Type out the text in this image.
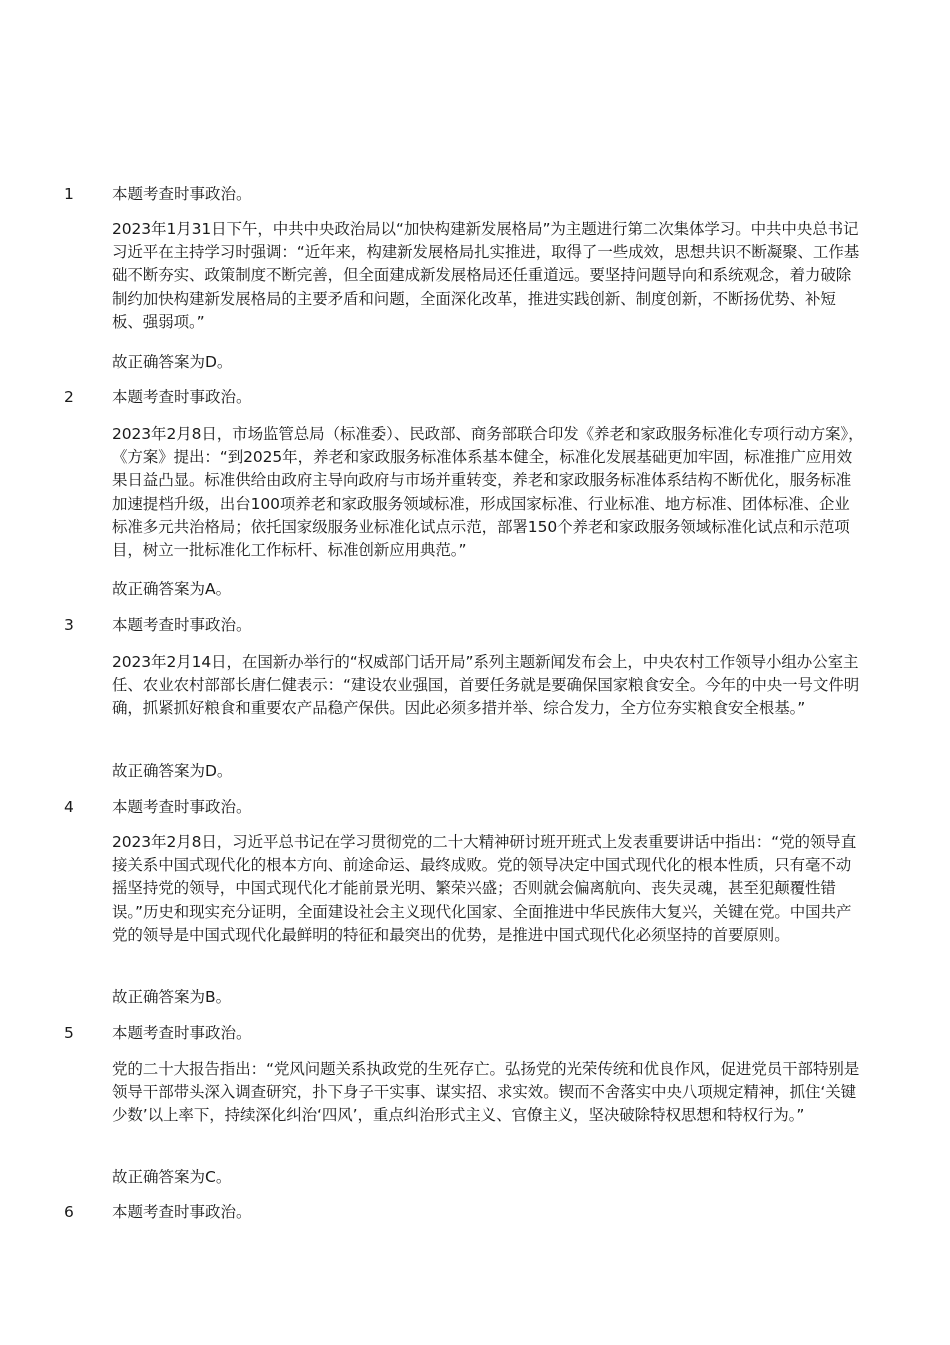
1 本题考查时事政治。
2023年1月31日下午，中共中央政治局以“加快构建新发展格局”为主题进行第二次集体学习。中共中央总书记习近平在主持学习时强调：“近年来，构建新发展格局扎实推进，取得了一些成效，思想共识不断凝聚、工作基础不断夯实、政策制度不断完善，但全面建成新发展格局还任重道远。要坚持问题导向和系统观念，着力破除制约加快构建新发展格局的主要矛盾和问题，全面深化改革，推进实践创新、制度创新，不断扬优势、补短板、强弱项。”
故正确答案为D。
2 本题考查时事政治。
2023年2月8日，市场监管总局（标准委）、民政部、商务部联合印发《养老和家政服务标准化专项行动方案》，《方案》提出：“到2025年，养老和家政服务标准体系基本健全，标准化发展基础更加牢固，标准推广应用效果日益凸显。标准供给由政府主导向政府与市场并重转变，养老和家政服务标准体系结构不断优化，服务标准加速提档升级，出台100项养老和家政服务领域标准，形成国家标准、行业标准、地方标准、团体标准、企业标准多元共治格局；依托国家级服务业标准化试点示范，部署150个养老和家政服务领域标准化试点和示范项目，树立一批标准化工作标杆、标准创新应用典范。”
故正确答案为A。
3 本题考查时事政治。
2023年2月14日，在国新办举行的“权威部门话开局”系列主题新闻发布会上，中央农村工作领导小组办公室主任、农业农村部部长唐仁健表示：“建设农业强国，首要任务就是要确保国家粮食安全。今年的中央一号文件明确，抓紧抓好粮食和重要农产品稳产保供。因此必须多措并举、综合发力，全方位夯实粮食安全根基。”
故正确答案为D。
4 本题考查时事政治。
2023年2月8日，习近平总书记在学习贯彻党的二十大精神研讨班开班式上发表重要讲话中指出：“党的领导直接关系中国式现代化的根本方向、前途命运、最终成败。党的领导决定中国式现代化的根本性质，只有毫不动摇坚持党的领导，中国式现代化才能前景光明、繁荣兴盛；否则就会偏离航向、丧失灵魂，甚至犯颠覆性错误。”历史和现实充分证明，全面建设社会主义现代化国家、全面推进中华民族伟大复兴，关键在党。中国共产党的领导是中国式现代化最鲜明的特征和最突出的优势，是推进中国式现代化必须坚持的首要原则。
故正确答案为B。
5 本题考查时事政治。
党的二十大报告指出：“党风问题关系执政党的生死存亡。弘扬党的光荣传统和优良作风，促进党员干部特别是领导干部带头深入调查研究，扑下身子干实事、谋实招、求实效。锲而不舍落实中央八项规定精神，抓住‘关键少数’以上率下，持续深化纠治‘四风’，重点纠治形式主义、官僚主义，坚决破除特权思想和特权行为。”
故正确答案为C。
6 本题考查时事政治。
